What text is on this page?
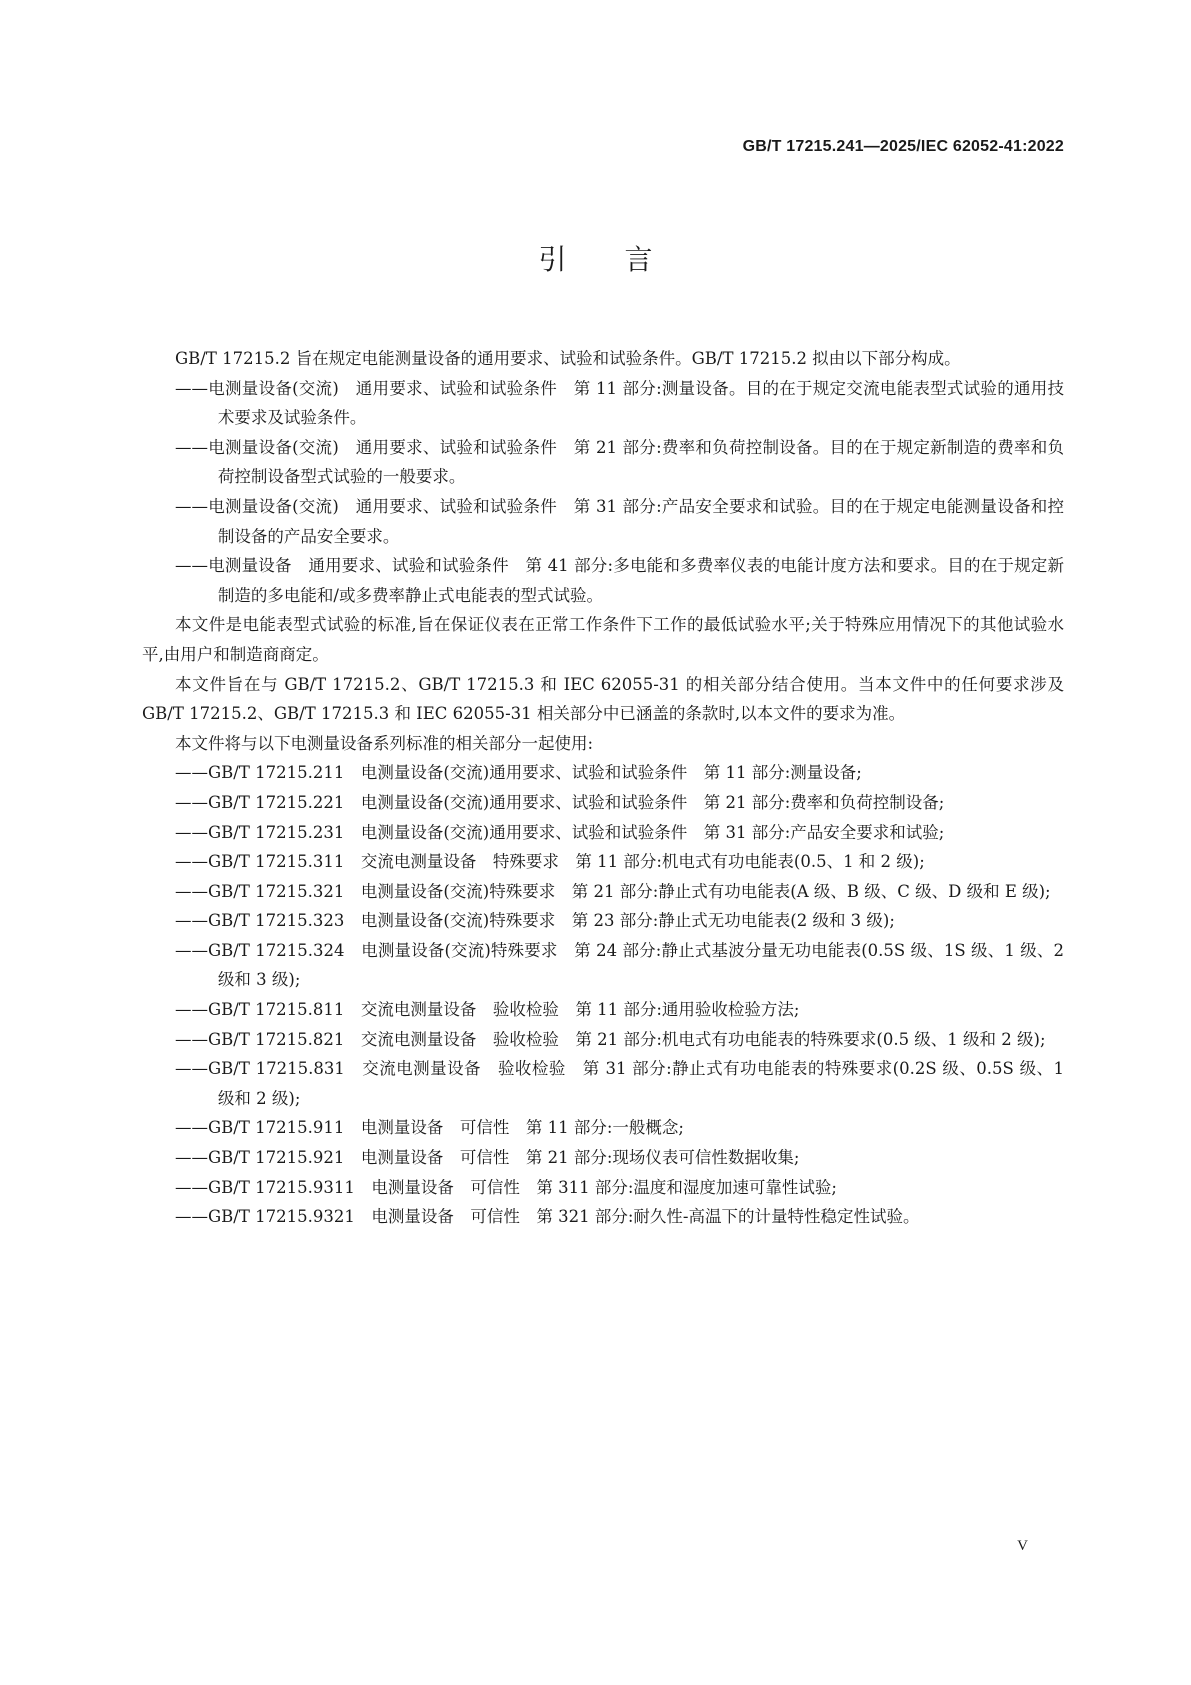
GB/T 17215.241—2025/IEC 62052-41:2022
引言

GB/T 17215.2 旨在规定电能测量设备的通用要求、试验和试验条件。GB/T 17215.2 拟由以下部分构成。

——电测量设备(交流)　通用要求、试验和试验条件　第 11 部分:测量设备。目的在于规定交流电能表型式试验的通用技术要求及试验条件。

——电测量设备(交流)　通用要求、试验和试验条件　第 21 部分:费率和负荷控制设备。目的在于规定新制造的费率和负荷控制设备型式试验的一般要求。

——电测量设备(交流)　通用要求、试验和试验条件　第 31 部分:产品安全要求和试验。目的在于规定电能测量设备和控制设备的产品安全要求。

——电测量设备　通用要求、试验和试验条件　第 41 部分:多电能和多费率仪表的电能计度方法和要求。目的在于规定新制造的多电能和/或多费率静止式电能表的型式试验。

本文件是电能表型式试验的标准,旨在保证仪表在正常工作条件下工作的最低试验水平;关于特殊应用情况下的其他试验水平,由用户和制造商商定。

本文件旨在与 GB/T 17215.2、GB/T 17215.3 和 IEC 62055-31 的相关部分结合使用。当本文件中的任何要求涉及 GB/T 17215.2、GB/T 17215.3 和 IEC 62055-31 相关部分中已涵盖的条款时,以本文件的要求为准。

本文件将与以下电测量设备系列标准的相关部分一起使用:

——GB/T 17215.211　电测量设备(交流)通用要求、试验和试验条件　第 11 部分:测量设备;

——GB/T 17215.221　电测量设备(交流)通用要求、试验和试验条件　第 21 部分:费率和负荷控制设备;

——GB/T 17215.231　电测量设备(交流)通用要求、试验和试验条件　第 31 部分:产品安全要求和试验;

——GB/T 17215.311　交流电测量设备　特殊要求　第 11 部分:机电式有功电能表(0.5、1 和 2 级);

——GB/T 17215.321　电测量设备(交流)特殊要求　第 21 部分:静止式有功电能表(A 级、B 级、C 级、D 级和 E 级);

——GB/T 17215.323　电测量设备(交流)特殊要求　第 23 部分:静止式无功电能表(2 级和 3 级);

——GB/T 17215.324　电测量设备(交流)特殊要求　第 24 部分:静止式基波分量无功电能表(0.5S 级、1S 级、1 级、2 级和 3 级);

——GB/T 17215.811　交流电测量设备　验收检验　第 11 部分:通用验收检验方法;

——GB/T 17215.821　交流电测量设备　验收检验　第 21 部分:机电式有功电能表的特殊要求(0.5 级、1 级和 2 级);

——GB/T 17215.831　交流电测量设备　验收检验　第 31 部分:静止式有功电能表的特殊要求(0.2S 级、0.5S 级、1 级和 2 级);

——GB/T 17215.911　电测量设备　可信性　第 11 部分:一般概念;

——GB/T 17215.921　电测量设备　可信性　第 21 部分:现场仪表可信性数据收集;

——GB/T 17215.9311　电测量设备　可信性　第 311 部分:温度和湿度加速可靠性试验;

——GB/T 17215.9321　电测量设备　可信性　第 321 部分:耐久性-高温下的计量特性稳定性试验。

V
